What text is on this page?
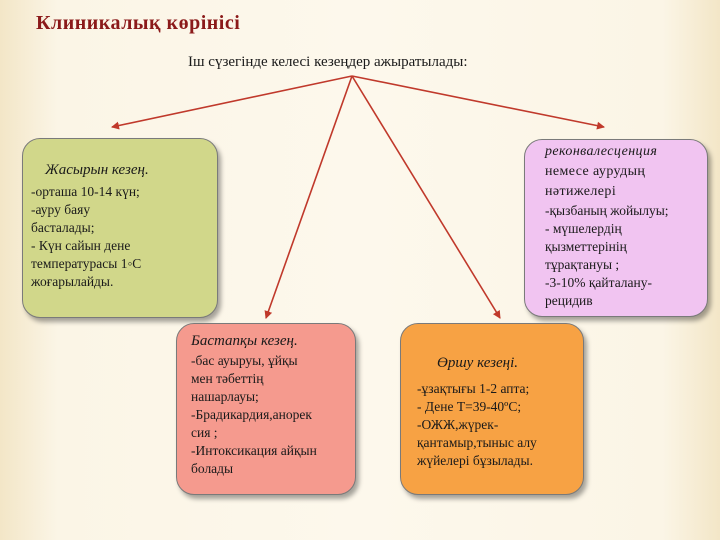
Клиникалық көрінісі
Іш сүзегінде келесі кезеңдер ажыратылады:
Жасырын кезең.
-орташа 10-14 күн;
-ауру баяу
басталады;
- Күн сайын дене
температурасы 1◦С
жоғарылайды.
реконвалесценция
немесе аурудың
нәтижелері
-қызбаның жойылуы;
- мүшелердің
қызметтерінің
тұрақтануы ;
-3-10% қайталану-
рецидив
Бастапқы кезең.
-бас ауыруы, ұйқы
мен тәбеттің
нашарлауы;
-Брадикардия,анорек
сия ;
-Интоксикация айқын
болады
Өршу кезеңі.
-ұзақтығы 1-2 апта;
- Дене Т=39-40ºС;
-ОЖЖ,жүрек-
қантамыр,тыныс алу
жүйелері бұзылады.
